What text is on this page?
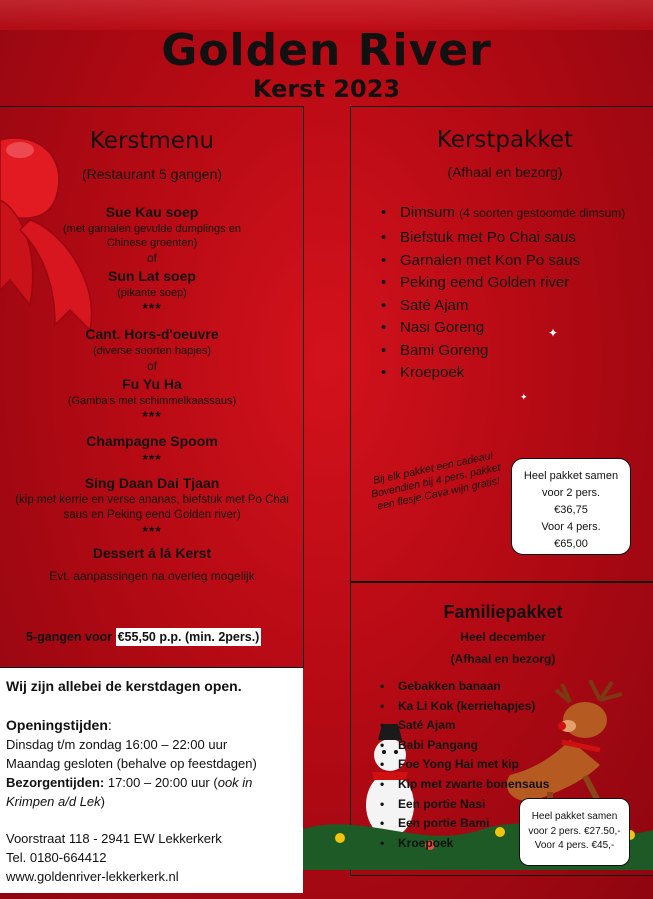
Golden River
Kerst 2023
Kerstmenu
(Restaurant 5 gangen)
Sue Kau soep
(met garnalen gevulde dumplings en Chinese groenten)
of
Sun Lat soep
(pikante soep)
***
Cant. Hors-d'oeuvre
(diverse soorten hapjes)
of
Fu Yu Ha
(Gamba's met schimmelkaassaus)
***
Champagne Spoom
***
Sing Daan Dai Tjaan
(kip met kerrie en verse ananas, biefstuk met Po Chai saus en Peking eend Golden river)
***
Dessert á lá Kerst
Evt. aanpassingen na overleg mogelijk
5-gangen voor €55,50 p.p. (min. 2pers.)
Kerstpakket
(Afhaal en bezorg)
• Dimsum (4 soorten gestoomde dimsum)
• Biefstuk met Po Chai saus
• Garnalen met Kon Po saus
• Peking eend Golden river
• Saté Ajam
• Nasi Goreng
• Bami Goreng
• Kroepoek
✦
✦
Bij elk pakket een cadeau! Bovendien bij 4 pers. pakket een flesje Cava wijn gratis!	Heel pakket samen
voor 2 pers.
€36,75
Voor 4 pers.
€65,00
Familiepakket
Heel december
(Afhaal en bezorg)
• Gebakken banaan
• Ka Li Kok (kerriehapjes)
• Saté Ajam
• Babi Pangang
• Foe Yong Hai met kip
• Kip met zwarte bonensaus
• Een portie Nasi
• Een portie Bami
• Kroepoek
Heel pakket samen
voor 2 pers. €27.50,-
Voor 4 pers. €45,-
Wij zijn allebei de kerstdagen open.
Openingstijden:
Dinsdag t/m zondag 16:00 – 22:00 uur
Maandag gesloten (behalve op feestdagen)
Bezorgentijden: 17:00 – 20:00 uur (ook in Krimpen a/d Lek)
Voorstraat 118 - 2941 EW Lekkerkerk
Tel. 0180-664412
www.goldenriver-lekkerkerk.nl
